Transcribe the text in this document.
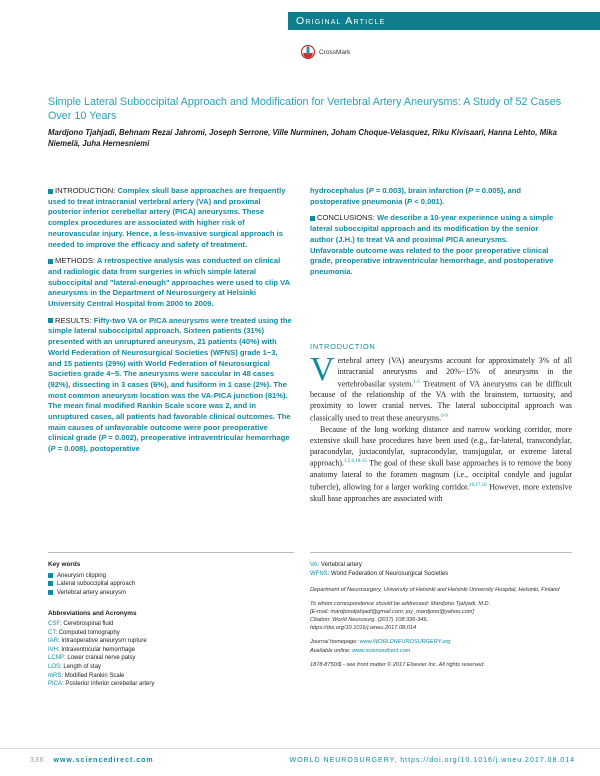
Original Article
CrossMark
Simple Lateral Suboccipital Approach and Modification for Vertebral Artery Aneurysms: A Study of 52 Cases Over 10 Years
Mardjono Tjahjadi, Behnam Rezai Jahromi, Joseph Serrone, Ville Nurminen, Joham Choque-Velasquez, Riku Kivisaari, Hanna Lehto, Mika Niemelä, Juha Hernesniemi

INTRODUCTION: Complex skull base approaches are frequently used to treat intracranial vertebral artery (VA) and proximal posterior inferior cerebellar artery (PICA) aneurysms. These complex procedures are associated with higher risk of neurovascular injury. Hence, a less-invasive surgical approach is needed to improve the efficacy and safety of treatment.

METHODS: A retrospective analysis was conducted on clinical and radiologic data from surgeries in which simple lateral suboccipital and "lateral-enough" approaches were used to clip VA aneurysms in the Department of Neurosurgery at Helsinki University Central Hospital from 2000 to 2009.

RESULTS: Fifty-two VA or PICA aneurysms were treated using the simple lateral suboccipital approach. Sixteen patients (31%) presented with an unruptured aneurysm, 21 patients (40%) with World Federation of Neurosurgical Societies (WFNS) grade 1−3, and 15 patients (29%) with World Federation of Neurosurgical Societies grade 4−5. The aneurysms were saccular in 48 cases (92%), dissecting in 3 cases (6%), and fusiform in 1 case (2%). The most common aneurysm location was the VA-PICA junction (81%). The mean final modified Rankin Scale score was 2, and in unruptured cases, all patients had favorable clinical outcomes. The main causes of unfavorable outcome were poor preoperative clinical grade (P = 0.002), preoperative intraventricular hemorrhage (P = 0.008), postoperative

hydrocephalus (P = 0.003), brain infarction (P = 0.005), and postoperative pneumonia (P < 0.001).

CONCLUSIONS: We describe a 10-year experience using a simple lateral suboccipital approach and its modification by the senior author (J.H.) to treat VA and proximal PICA aneurysms. Unfavorable outcome was related to the poor preoperative clinical grade, preoperative intraventricular hemorrhage, and postoperative pneumonia.

INTRODUCTION

Vertebral artery (VA) aneurysms account for approximately 3% of all intracranial aneurysms and 20%−15% of aneurysms in the vertebrobasilar system.$^{1-5}$ Treatment of VA aneurysms can be difficult because of the relationship of the VA with the brainstem, tortuosity, and proximity to lower cranial nerves. The lateral suboccipital approach was classically used to treat these aneurysms.$^{6-9}$

Because of the long working distance and narrow working corridor, more extensive skull base procedures have been used (e.g., far-lateral, transcondylar, paracondylar, juxtacondylar, supracondylar, transjugular, or extreme lateral approach).$^{1,5,6,10-15}$ The goal of these skull base approaches is to remove the bony anatomy lateral to the foramen magnum (i.e., occipital condyle and jugular tubercle), allowing for a larger working corridor.$^{16,17,18}$ However, more extensive skull base approaches are associated with

Key words
Aneurysm clipping
Lateral suboccipital approach
Vertebral artery aneurysm
Abbreviations and Acronyms
CSF: Cerebrospinal fluid
CT: Computed tomography
IAR: Intraoperative aneurysm rupture
IVH: Intraventricular hemorrhage
LCNP: Lower cranial nerve palsy
LOS: Length of stay
mRS: Modified Rankin Scale
PICA: Posterior inferior cerebellar artery
VA: Vertebral artery
WFNS: World Federation of Neurosurgical Societies

Department of Neurosurgery, University of Helsinki and Helsinki University Hospital, Helsinki, Finland

To whom correspondence should be addressed: Mardjono Tjahjadi, M.D.

[E-mail: mardjonotjahjadi@gmail.com; joy_mardjono@yahoo.com]

Citation: World Neurosurg. (2017) 108:336-346.

https://doi.org/10.1016/j.wneu.2017.08.014

Journal homepage: www.WORLDNEUROSURGERY.org

Available online: www.sciencedirect.com

1878-8750/$ - see front matter © 2017 Elsevier Inc. All rights reserved.

336 www.sciencedirect.com	WORLD NEUROSURGERY, https://doi.org/10.1016/j.wneu.2017.08.014
